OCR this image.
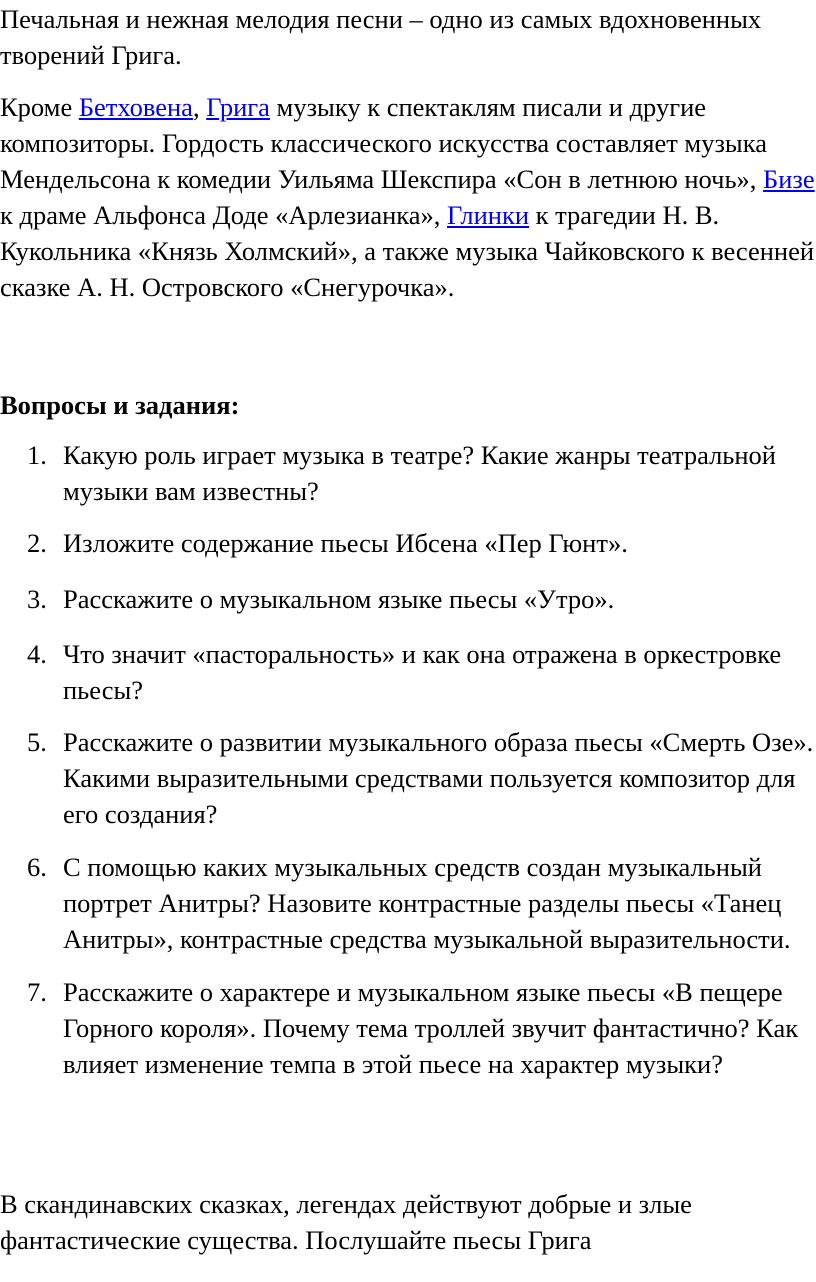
Печальная и нежная мелодия песни – одно из самых вдохновенных творений Грига.

Кроме Бетховена, Грига музыку к спектаклям писали и другие композиторы. Гордость классического искусства составляет музыка Мендельсона к комедии Уильяма Шекспира «Сон в летнюю ночь», Бизе к драме Альфонса Доде «Арлезианка», Глинки к трагедии Н. В. Кукольника «Князь Холмский», а также музыка Чайковского к весенней сказке А. Н. Островского «Снегурочка».

Вопросы и задания:

1. Какую роль играет музыка в театре? Какие жанры театральной музыки вам известны?
2. Изложите содержание пьесы Ибсена «Пер Гюнт».
3. Расскажите о музыкальном языке пьесы «Утро».
4. Что значит «пасторальность» и как она отражена в оркестровке пьесы?
5. Расскажите о развитии музыкального образа пьесы «Смерть Озе». Какими выразительными средствами пользуется композитор для его создания?
6. С помощью каких музыкальных средств создан музыкальный портрет Анитры? Назовите контрастные разделы пьесы «Танец Анитры», контрастные средства музыкальной выразительности.
7. Расскажите о характере и музыкальном языке пьесы «В пещере Горного короля». Почему тема троллей звучит фантастично? Как влияет изменение темпа в этой пьесе на характер музыки?

В скандинавских сказках, легендах действуют добрые и злые фантастические существа. Послушайте пьесы Грига
